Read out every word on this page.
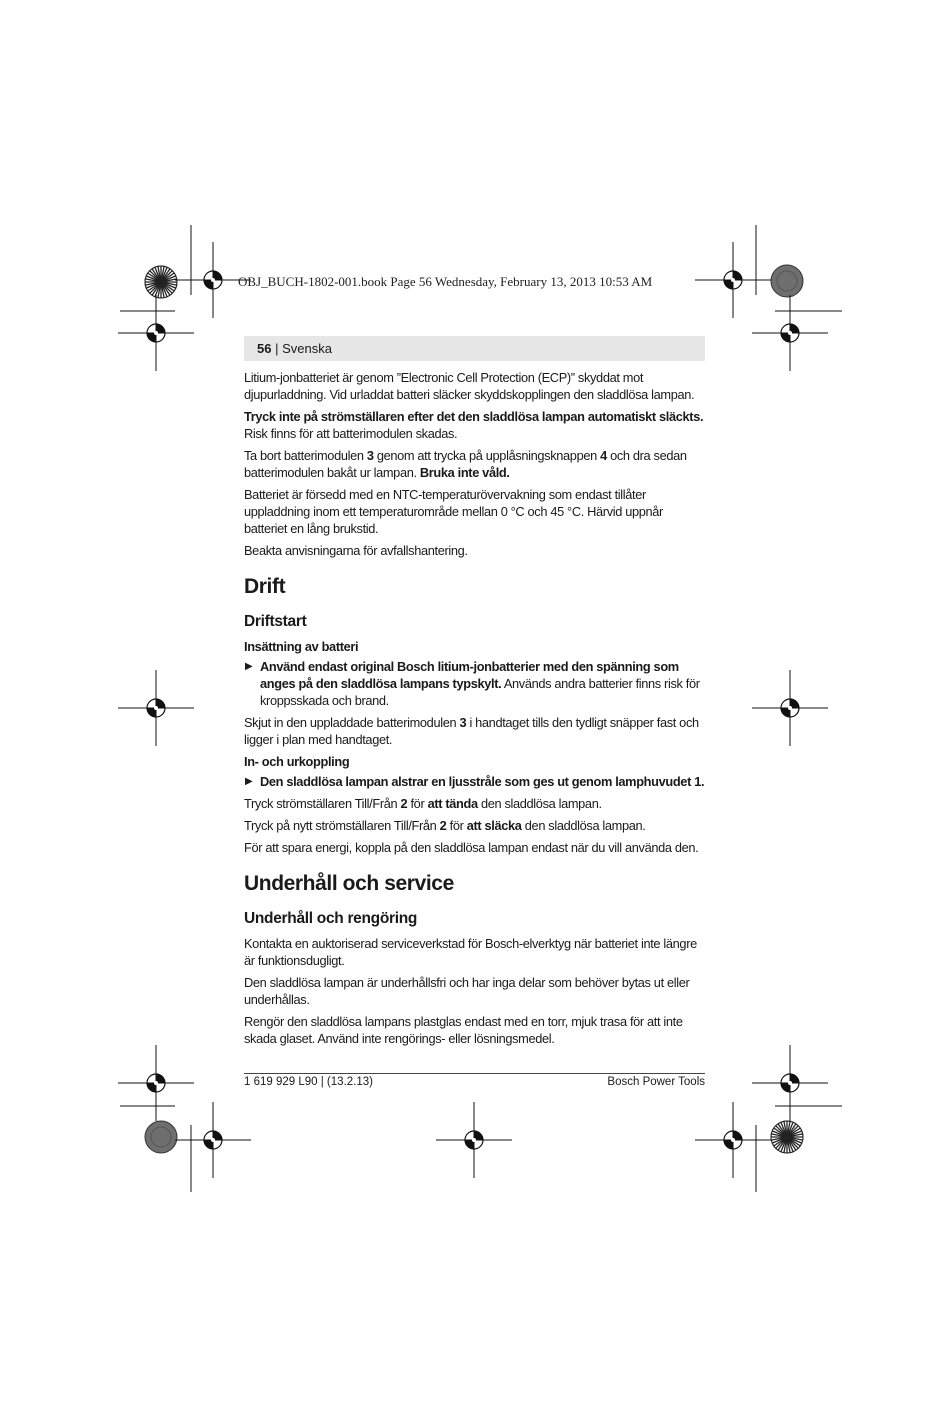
OBJ_BUCH-1802-001.book Page 56 Wednesday, February 13, 2013 10:53 AM
56 | Svenska

Litium-jonbatteriet är genom ”Electronic Cell Protection (ECP)” skyddat mot djupurladdning. Vid urladdat batteri släcker skyddskopplingen den sladdlösa lampan.

Tryck inte på strömställaren efter det den sladdlösa lampan automatiskt släckts. Risk finns för att batterimodulen skadas.

Ta bort batterimodulen 3 genom att trycka på upplåsningsknappen 4 och dra sedan batterimodulen bakåt ur lampan. Bruka inte våld.

Batteriet är försedd med en NTC-temperaturövervakning som endast tillåter uppladdning inom ett temperaturområde mellan 0 °C och 45 °C. Härvid uppnår batteriet en lång brukstid.

Beakta anvisningarna för avfallshantering.

Drift
Driftstart
Insättning av batteri

▶ Använd endast original Bosch litium-jonbatterier med den spänning som anges på den sladdlösa lampans typskylt. Används andra batterier finns risk för kroppsskada och brand.

Skjut in den uppladdade batterimodulen 3 i handtaget tills den tydligt snäpper fast och ligger i plan med handtaget.

In- och urkoppling

▶ Den sladdlösa lampan alstrar en ljusstråle som ges ut genom lamphuvudet 1.

Tryck strömställaren Till/Från 2 för att tända den sladdlösa lampan.

Tryck på nytt strömställaren Till/Från 2 för att släcka den sladdlösa lampan.

För att spara energi, koppla på den sladdlösa lampan endast när du vill använda den.

Underhåll och service
Underhåll och rengöring

Kontakta en auktoriserad serviceverkstad för Bosch-elverktyg när batteriet inte längre är funktionsdugligt.

Den sladdlösa lampan är underhållsfri och har inga delar som behöver bytas ut eller underhållas.

Rengör den sladdlösa lampans plastglas endast med en torr, mjuk trasa för att inte skada glaset. Använd inte rengörings- eller lösningsmedel.

1 619 929 L90 | (13.2.13)	Bosch Power Tools
